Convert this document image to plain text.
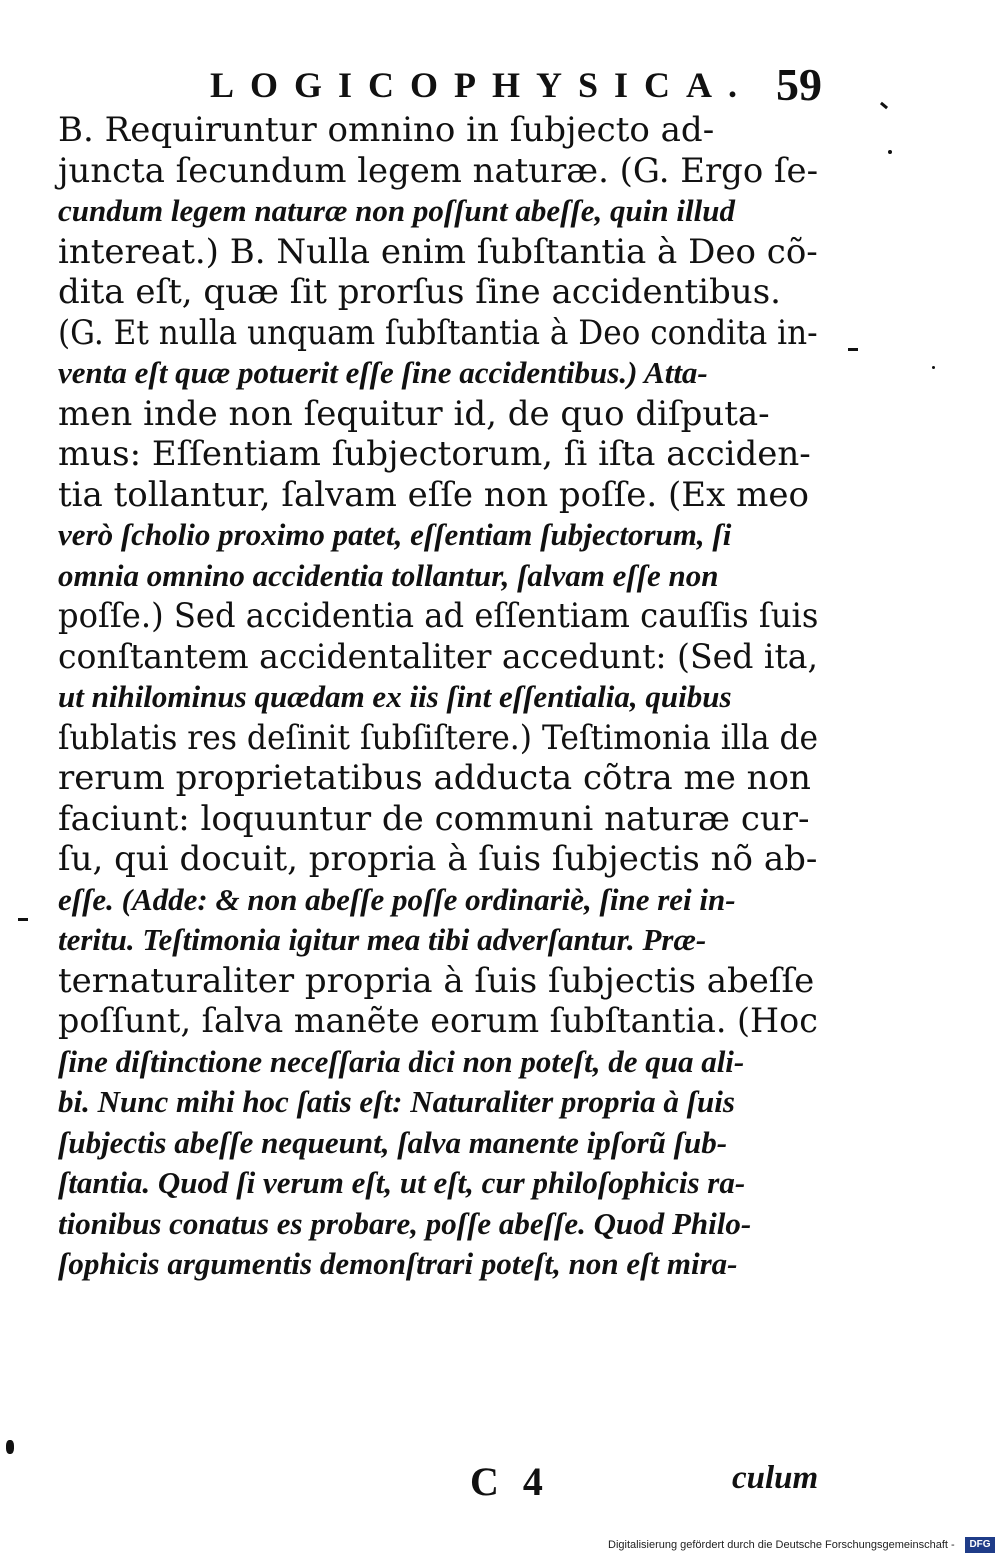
LOGICOPHYSICA. 59
B. Requiruntur omnino in ſubjecto ad-
juncta ſecundum legem naturæ. (G. Ergo ſe-
cundum legem naturæ non poſſunt abeſſe, quin illud
intereat.) B. Nulla enim ſubſtantia à Deo cõ-
dita eſt, quæ ſit prorſus ſine accidentibus.
(G. Et nulla unquam ſubſtantia à Deo condita in-
venta eſt quæ potuerit eſſe ſine accidentibus.) Atta-
men inde non ſequitur id, de quo diſputa-
mus: Eſſentiam ſubjectorum, ſi iſta acciden-
tia tollantur, ſalvam eſſe non poſſe. (Ex meo
verò ſcholio proximo patet, eſſentiam ſubjectorum, ſi
omnia omnino accidentia tollantur, ſalvam eſſe non
poſſe.) Sed accidentia ad eſſentiam cauſſis ſuis
conſtantem accidentaliter accedunt: (Sed ita,
ut nihilominus quædam ex iis ſint eſſentialia, quibus
ſublatis res deſinit ſubſiſtere.) Teſtimonia illa de
rerum proprietatibus adducta cõtra me non
faciunt: loquuntur de communi naturæ cur-
ſu, qui docuit, propria à ſuis ſubjectis nõ ab-
eſſe. (Adde: & non abeſſe poſſe ordinariè, ſine rei in-
teritu. Teſtimonia igitur mea tibi adverſantur. Præ-
ternaturaliter propria à ſuis ſubjectis abeſſe
poſſunt, ſalva manẽte eorum ſubſtantia. (Hoc
ſine diſtinctione neceſſaria dici non poteſt, de qua ali-
bi. Nunc mihi hoc ſatis eſt: Naturaliter propria à ſuis
ſubjectis abeſſe nequeunt, ſalva manente ipſorũ ſub-
ſtantia. Quod ſi verum eſt, ut eſt, cur philoſophicis ra-
tionibus conatus es probare, poſſe abeſſe. Quod Philo-
ſophicis argumentis demonſtrari poteſt, non eſt mira-
C 4	culum
Digitalisierung gefördert durch die Deutsche Forschungsgemeinschaft -	DFG
